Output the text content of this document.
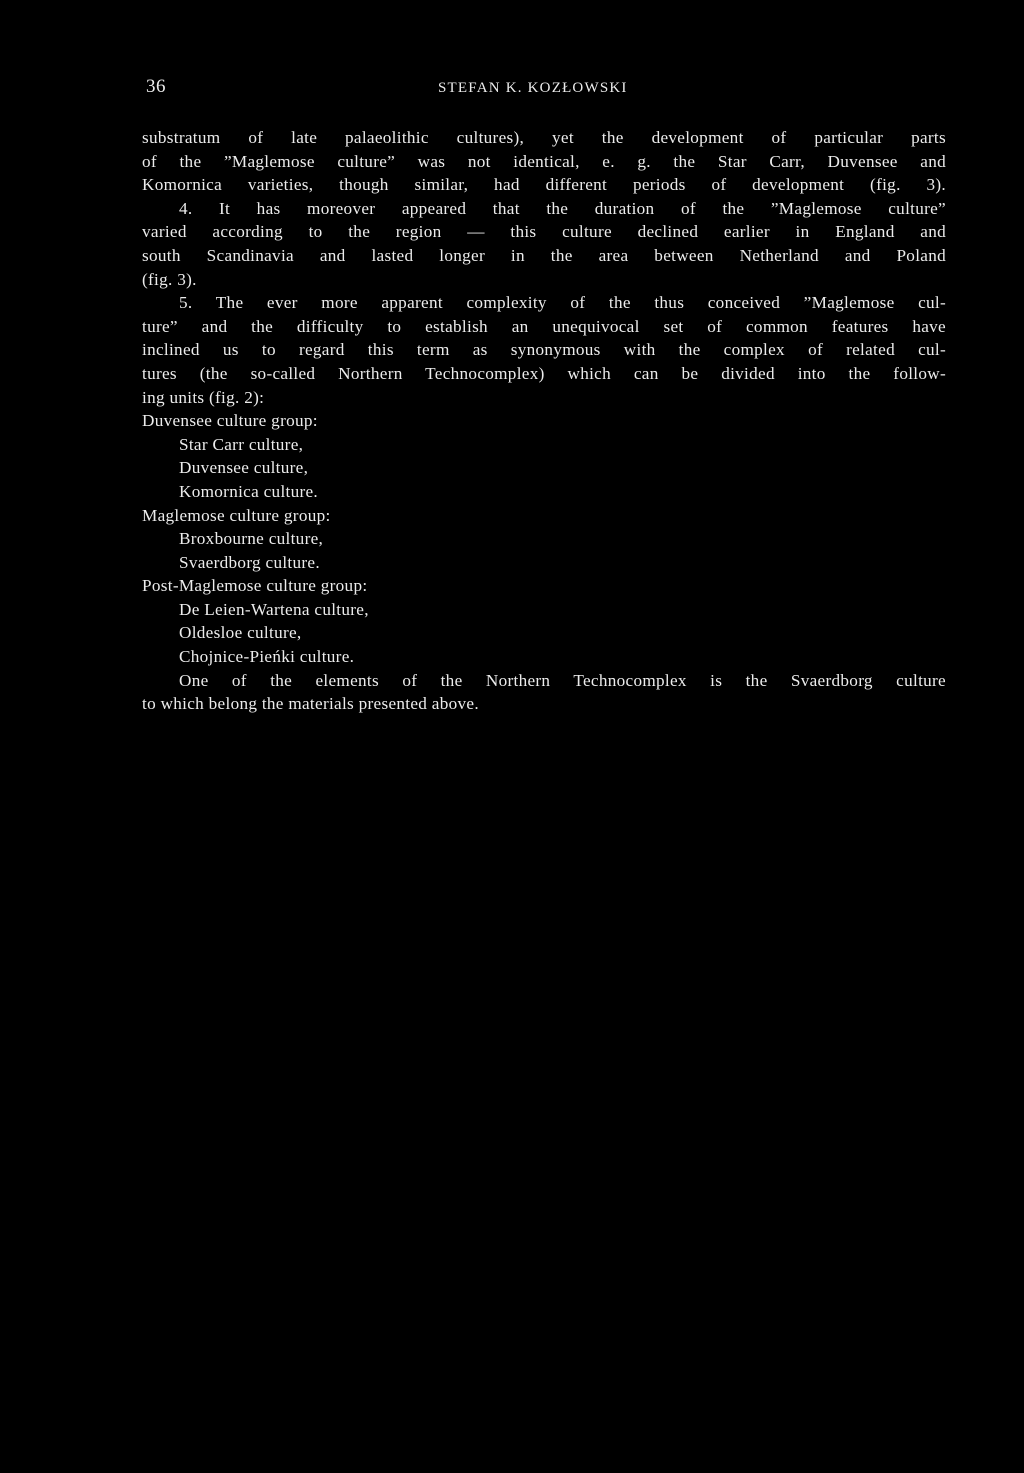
36	STEFAN K. KOZŁOWSKI
substratum of late palaeolithic cultures), yet the development of particular parts
of the ”Maglemose culture” was not identical, e. g. the Star Carr, Duvensee and
Komornica varieties, though similar, had different periods of development (fig. 3).
4. It has moreover appeared that the duration of the ”Maglemose culture”
varied according to the region — this culture declined earlier in England and
south Scandinavia and lasted longer in the area between Netherland and Poland
(fig. 3).
5. The ever more apparent complexity of the thus conceived ”Maglemose cul-
ture” and the difficulty to establish an unequivocal set of common features have
inclined us to regard this term as synonymous with the complex of related cul-
tures (the so-called Northern Technocomplex) which can be divided into the follow-
ing units (fig. 2):
Duvensee culture group:
Star Carr culture,
Duvensee culture,
Komornica culture.
Maglemose culture group:
Broxbourne culture,
Svaerdborg culture.
Post-Maglemose culture group:
De Leien-Wartena culture,
Oldesloe culture,
Chojnice-Pieńki culture.
One of the elements of the Northern Technocomplex is the Svaerdborg culture
to which belong the materials presented above.
